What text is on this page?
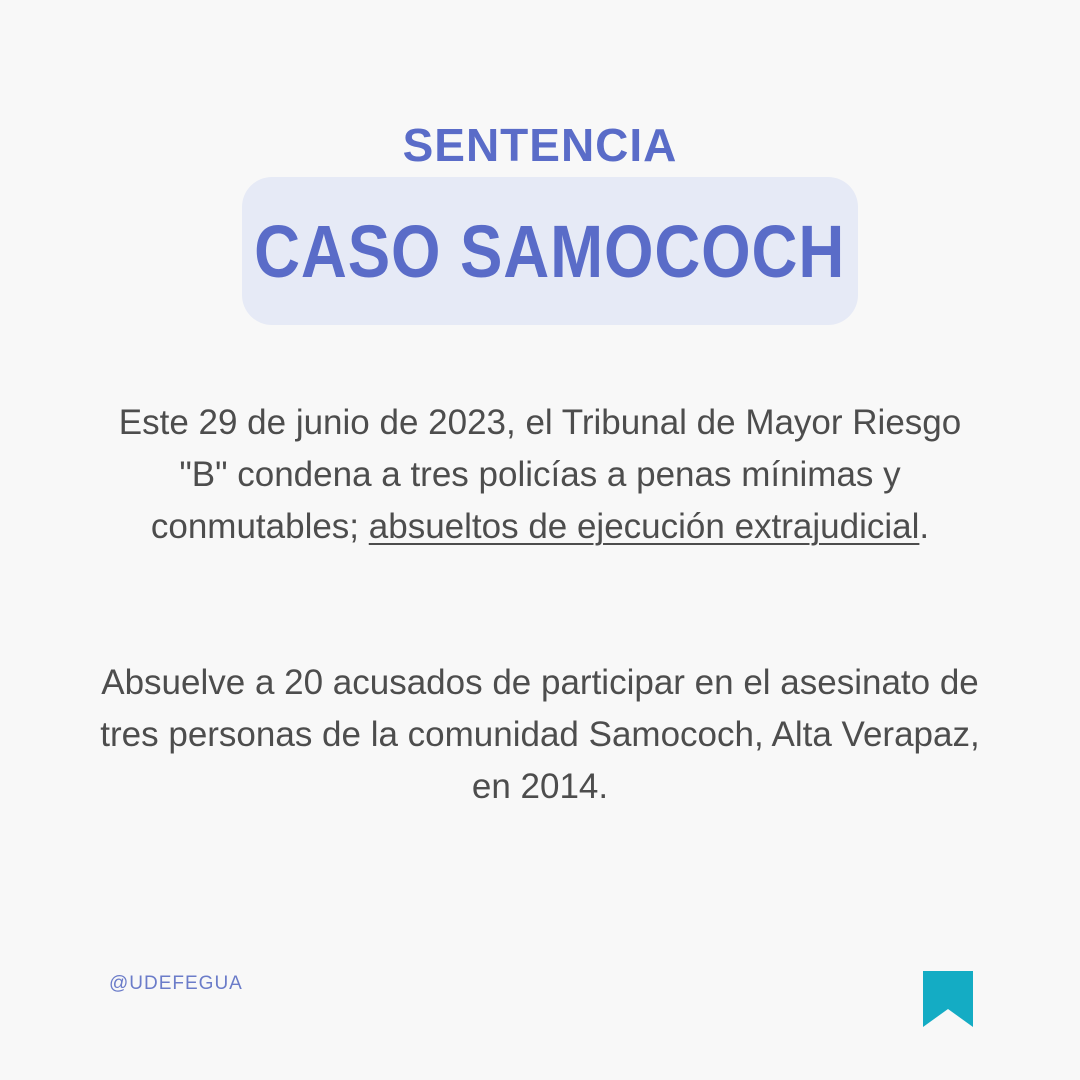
SENTENCIA
CASO SAMOCOCH
Este 29 de junio de 2023, el Tribunal de Mayor Riesgo "B" condena a tres policías a penas mínimas y conmutables; absueltos de ejecución extrajudicial.
Absuelve a 20 acusados de participar en el asesinato de tres personas de la comunidad Samococh, Alta Verapaz, en 2014.
@UDEFEGUA
